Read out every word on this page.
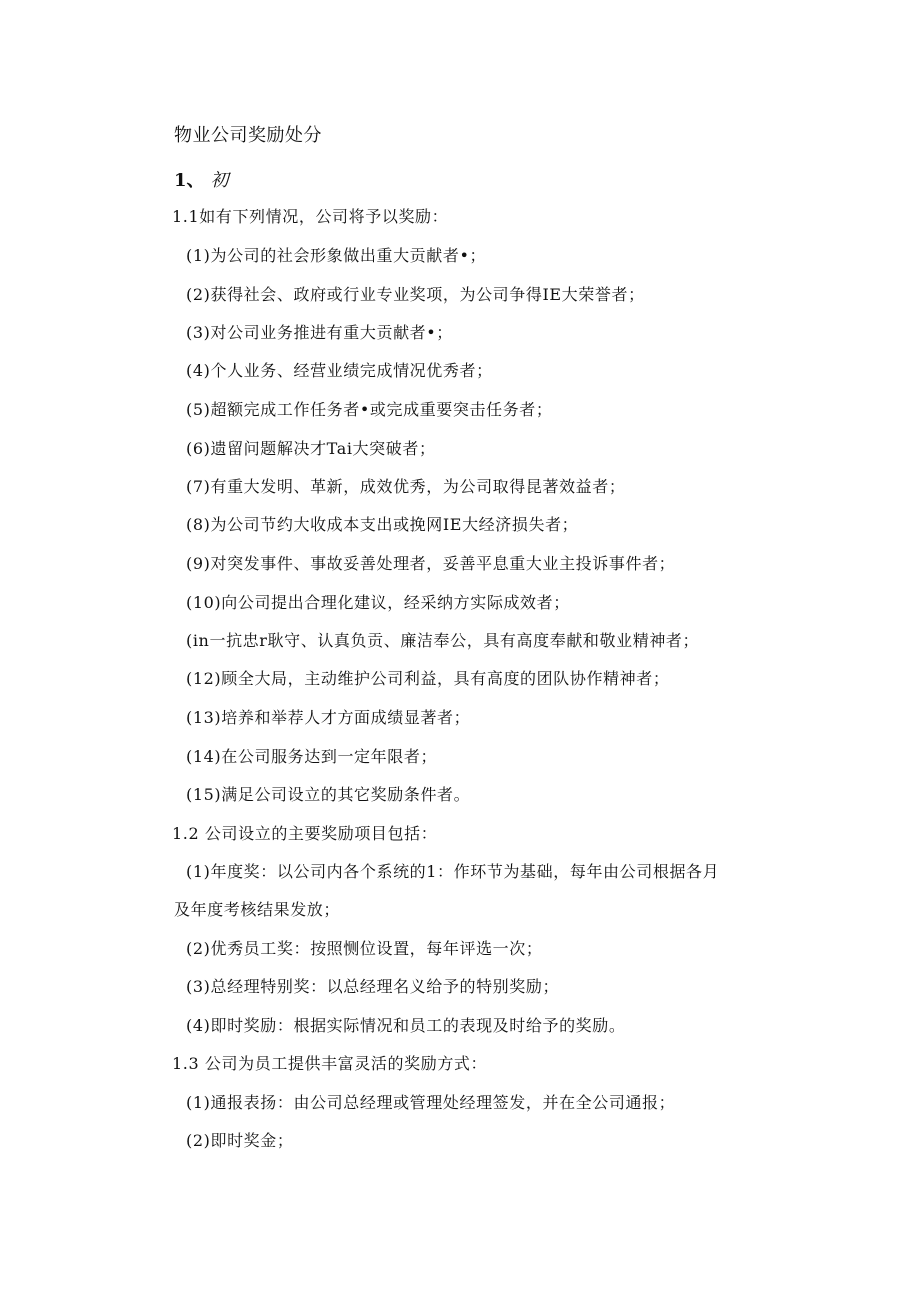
物业公司奖励处分
1、 初
1.1如有下列情况，公司将予以奖励：
(1)为公司的社会形象做出重大贡献者•；
(2)获得社会、政府或行业专业奖项，为公司争得IE大荣誉者；
(3)对公司业务推进有重大贡献者•；
(4)个人业务、经营业绩完成情况优秀者；
(5)超额完成工作任务者•或完成重要突击任务者；
(6)遗留问题解决才Tai大突破者；
(7)有重大发明、革新，成效优秀，为公司取得昆著效益者；
(8)为公司节约大收成本支出或挽网IE大经济损失者；
(9)对突发事件、事故妥善处理者，妥善平息重大业主投诉事件者；
(10)向公司提出合理化建议，经采纳方实际成效者；
(in一抗忠r耿守、认真负贡、廉洁奉公，具有高度奉献和敬业精神者；
(12)顾全大局，主动维护公司利益，具有高度的团队协作精神者；
(13)培养和举荐人才方面成绩显著者；
(14)在公司服务达到一定年限者；
(15)满足公司设立的其它奖励条件者。
1.2 公司设立的主要奖励项目包括：
(1)年度奖：以公司内各个系统的1：作环节为基础，每年由公司根据各月
及年度考核结果发放；
(2)优秀员工奖：按照恻位设置，每年评选一次；
(3)总经理特别奖：以总经理名义给予的特别奖励；
(4)即时奖励：根据实际情况和员工的表现及时给予的奖励。
1.3 公司为员工提供丰富灵活的奖励方式：
(1)通报表扬：由公司总经理或管理处经理签发，并在全公司通报；
(2)即时奖金；
